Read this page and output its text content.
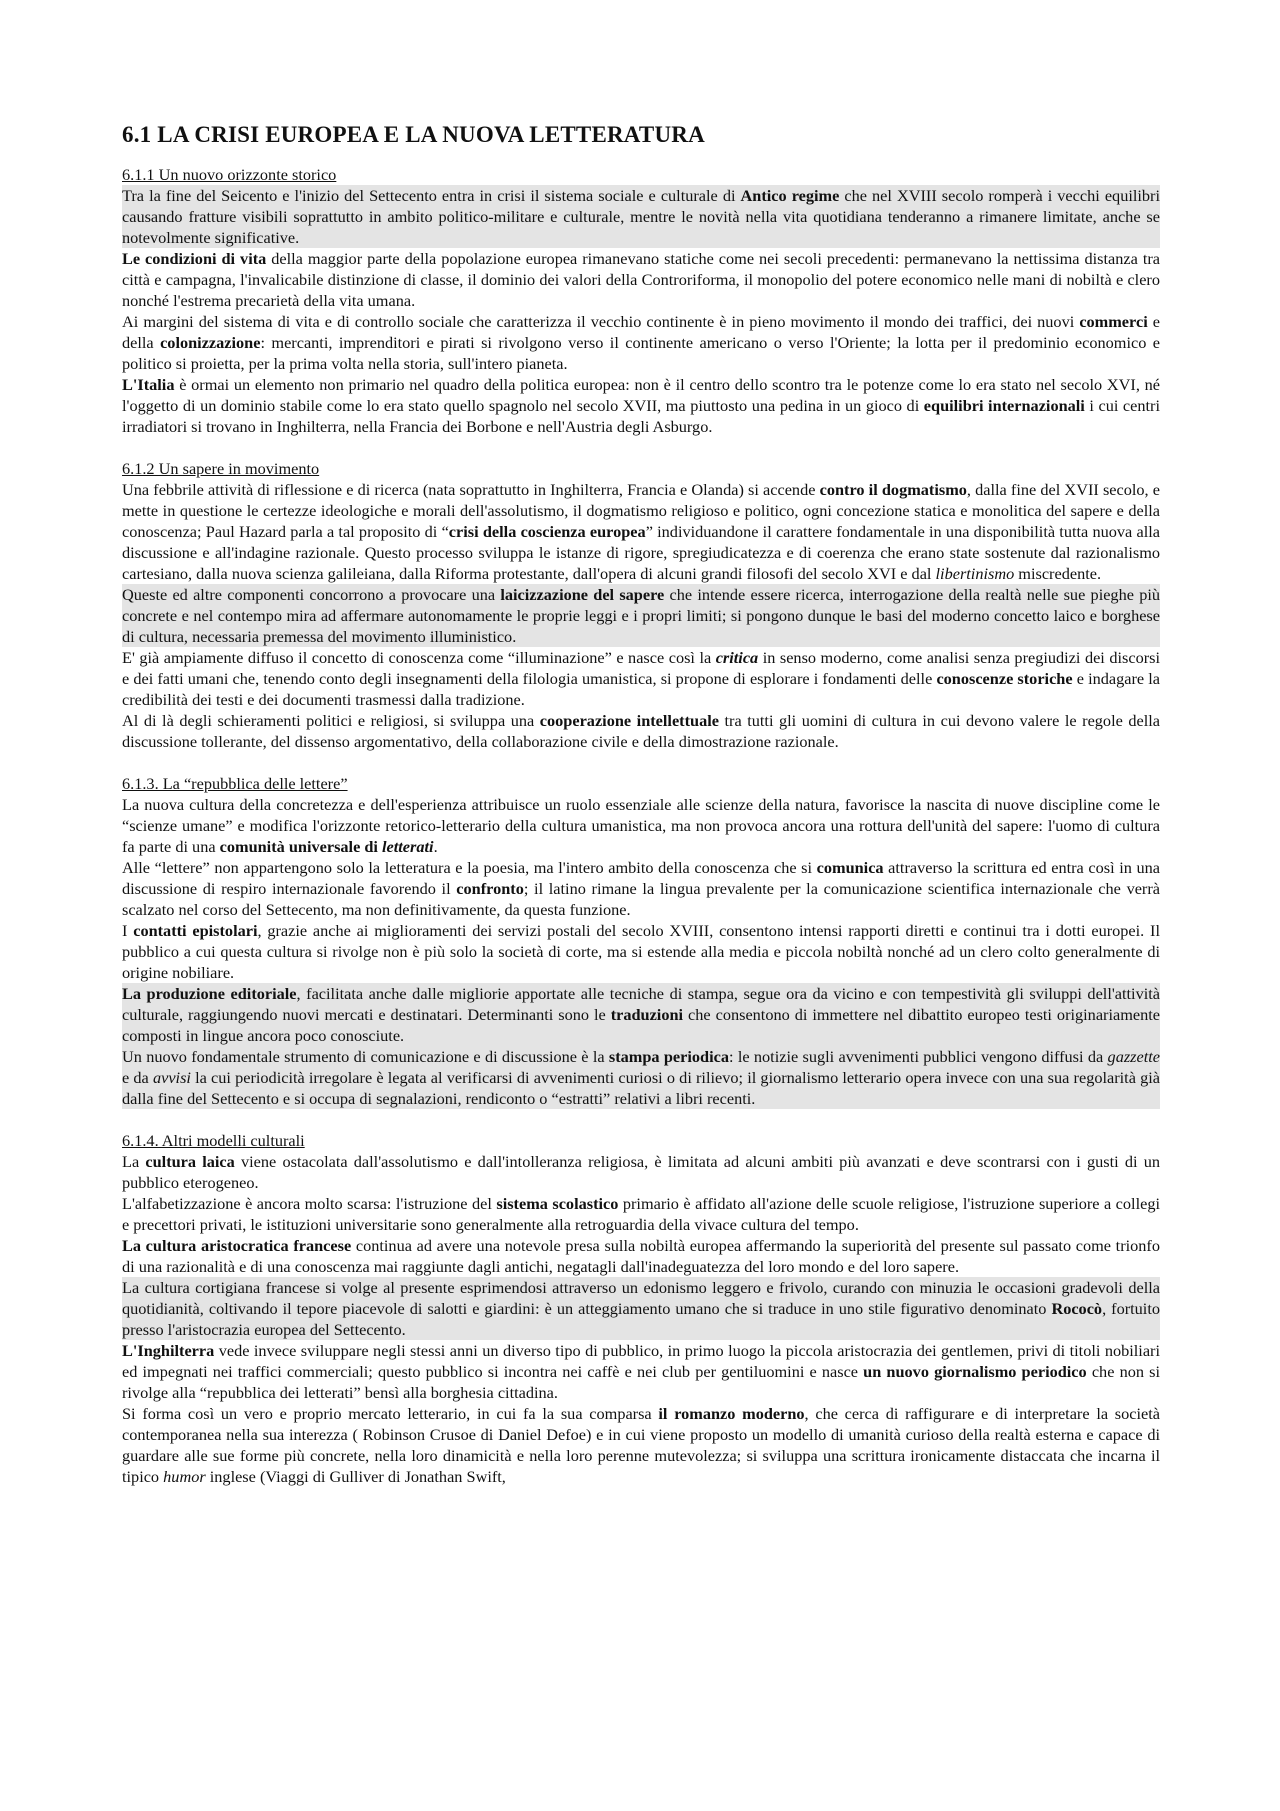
6.1 LA CRISI EUROPEA E LA NUOVA LETTERATURA
6.1.1 Un nuovo orizzonte storico

Tra la fine del Seicento e l'inizio del Settecento entra in crisi il sistema sociale e culturale di Antico regime che nel XVIII secolo romperà i vecchi equilibri causando fratture visibili soprattutto in ambito politico-militare e culturale, mentre le novità nella vita quotidiana tenderanno a rimanere limitate, anche se notevolmente significative.

Le condizioni di vita della maggior parte della popolazione europea rimanevano statiche come nei secoli precedenti: permanevano la nettissima distanza tra città e campagna, l'invalicabile distinzione di classe, il dominio dei valori della Controriforma, il monopolio del potere economico nelle mani di nobiltà e clero nonché l'estrema precarietà della vita umana.

Ai margini del sistema di vita e di controllo sociale che caratterizza il vecchio continente è in pieno movimento il mondo dei traffici, dei nuovi commerci e della colonizzazione: mercanti, imprenditori e pirati si rivolgono verso il continente americano o verso l'Oriente; la lotta per il predominio economico e politico si proietta, per la prima volta nella storia, sull'intero pianeta.

L'Italia è ormai un elemento non primario nel quadro della politica europea: non è il centro dello scontro tra le potenze come lo era stato nel secolo XVI, né l'oggetto di un dominio stabile come lo era stato quello spagnolo nel secolo XVII, ma piuttosto una pedina in un gioco di equilibri internazionali i cui centri irradiatori si trovano in Inghilterra, nella Francia dei Borbone e nell'Austria degli Asburgo.

6.1.2 Un sapere in movimento

Una febbrile attività di riflessione e di ricerca (nata soprattutto in Inghilterra, Francia e Olanda) si accende contro il dogmatismo, dalla fine del XVII secolo, e mette in questione le certezze ideologiche e morali dell'assolutismo, il dogmatismo religioso e politico, ogni concezione statica e monolitica del sapere e della conoscenza; Paul Hazard parla a tal proposito di “crisi della coscienza europea” individuandone il carattere fondamentale in una disponibilità tutta nuova alla discussione e all'indagine razionale. Questo processo sviluppa le istanze di rigore, spregiudicatezza e di coerenza che erano state sostenute dal razionalismo cartesiano, dalla nuova scienza galileiana, dalla Riforma protestante, dall'opera di alcuni grandi filosofi del secolo XVI e dal libertinismo miscredente.

Queste ed altre componenti concorrono a provocare una laicizzazione del sapere che intende essere ricerca, interrogazione della realtà nelle sue pieghe più concrete e nel contempo mira ad affermare autonomamente le proprie leggi e i propri limiti; si pongono dunque le basi del moderno concetto laico e borghese di cultura, necessaria premessa del movimento illuministico.

E' già ampiamente diffuso il concetto di conoscenza come “illuminazione” e nasce così la critica in senso moderno, come analisi senza pregiudizi dei discorsi e dei fatti umani che, tenendo conto degli insegnamenti della filologia umanistica, si propone di esplorare i fondamenti delle conoscenze storiche e indagare la credibilità dei testi e dei documenti trasmessi dalla tradizione.

Al di là degli schieramenti politici e religiosi, si sviluppa una cooperazione intellettuale tra tutti gli uomini di cultura in cui devono valere le regole della discussione tollerante, del dissenso argomentativo, della collaborazione civile e della dimostrazione razionale.

6.1.3. La “repubblica delle lettere”

La nuova cultura della concretezza e dell'esperienza attribuisce un ruolo essenziale alle scienze della natura, favorisce la nascita di nuove discipline come le “scienze umane” e modifica l'orizzonte retorico-letterario della cultura umanistica, ma non provoca ancora una rottura dell'unità del sapere: l'uomo di cultura fa parte di una comunità universale di letterati.

Alle “lettere” non appartengono solo la letteratura e la poesia, ma l'intero ambito della conoscenza che si comunica attraverso la scrittura ed entra così in una discussione di respiro internazionale favorendo il confronto; il latino rimane la lingua prevalente per la comunicazione scientifica internazionale che verrà scalzato nel corso del Settecento, ma non definitivamente, da questa funzione.

I contatti epistolari, grazie anche ai miglioramenti dei servizi postali del secolo XVIII, consentono intensi rapporti diretti e continui tra i dotti europei. Il pubblico a cui questa cultura si rivolge non è più solo la società di corte, ma si estende alla media e piccola nobiltà nonché ad un clero colto generalmente di origine nobiliare.

La produzione editoriale, facilitata anche dalle migliorie apportate alle tecniche di stampa, segue ora da vicino e con tempestività gli sviluppi dell'attività culturale, raggiungendo nuovi mercati e destinatari. Determinanti sono le traduzioni che consentono di immettere nel dibattito europeo testi originariamente composti in lingue ancora poco conosciute.

Un nuovo fondamentale strumento di comunicazione e di discussione è la stampa periodica: le notizie sugli avvenimenti pubblici vengono diffusi da gazzette e da avvisi la cui periodicità irregolare è legata al verificarsi di avvenimenti curiosi o di rilievo; il giornalismo letterario opera invece con una sua regolarità già dalla fine del Settecento e si occupa di segnalazioni, rendiconto o “estratti” relativi a libri recenti.

6.1.4. Altri modelli culturali

La cultura laica viene ostacolata dall'assolutismo e dall'intolleranza religiosa, è limitata ad alcuni ambiti più avanzati e deve scontrarsi con i gusti di un pubblico eterogeneo.

L'alfabetizzazione è ancora molto scarsa: l'istruzione del sistema scolastico primario è affidato all'azione delle scuole religiose, l'istruzione superiore a collegi e precettori privati, le istituzioni universitarie sono generalmente alla retroguardia della vivace cultura del tempo.

La cultura aristocratica francese continua ad avere una notevole presa sulla nobiltà europea affermando la superiorità del presente sul passato come trionfo di una razionalità e di una conoscenza mai raggiunte dagli antichi, negatagli dall'inadeguatezza del loro mondo e del loro sapere.

La cultura cortigiana francese si volge al presente esprimendosi attraverso un edonismo leggero e frivolo, curando con minuzia le occasioni gradevoli della quotidianità, coltivando il tepore piacevole di salotti e giardini: è un atteggiamento umano che si traduce in uno stile figurativo denominato Rococò, fortuito presso l'aristocrazia europea del Settecento.

L'Inghilterra vede invece svilupparе negli stessi anni un diverso tipo di pubblico, in primo luogo la piccola aristocrazia dei gentlemen, privi di titoli nobiliari ed impegnati nei traffici commerciali; questo pubblico si incontra nei caffè e nei club per gentiluomini e nasce un nuovo giornalismo periodico che non si rivolge alla “repubblica dei letterati” bensì alla borghesia cittadina.

Si forma così un vero e proprio mercato letterario, in cui fa la sua comparsa il romanzo moderno, che cerca di raffigurare e di interpretare la società contemporanea nella sua interezza ( Robinson Crusoe di Daniel Defoe) e in cui viene proposto un modello di umanità curioso della realtà esterna e capace di guardare alle sue forme più concrete, nella loro dinamicità e nella loro perenne mutevolezza; si sviluppa una scrittura ironicamente distaccata che incarna il tipico humor inglese (Viaggi di Gulliver di Jonathan Swift,
